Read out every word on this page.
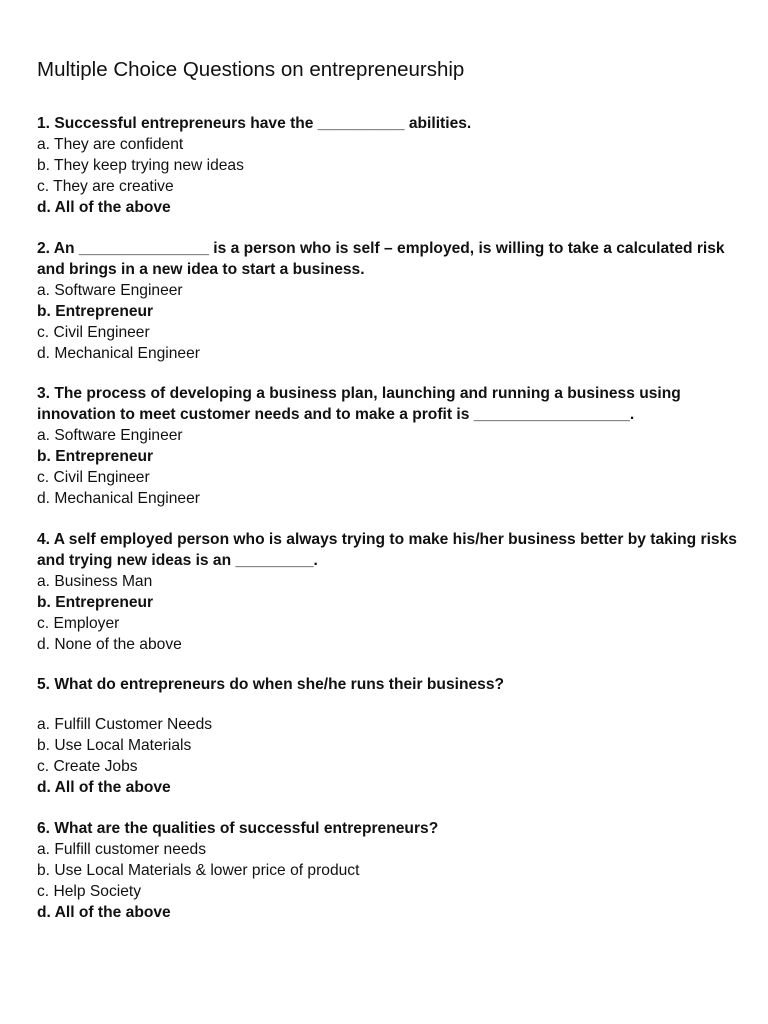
Multiple Choice Questions on entrepreneurship

1. Successful entrepreneurs have the __________ abilities.

a. They are confident

b. They keep trying new ideas

c. They are creative

d. All of the above

2. An _______________ is a person who is self – employed, is willing to take a calculated risk and brings in a new idea to start a business.

a. Software Engineer

b. Entrepreneur

c. Civil Engineer

d. Mechanical Engineer

3. The process of developing a business plan, launching and running a business using innovation to meet customer needs and to make a profit is __________________.

a. Software Engineer

b. Entrepreneur

c. Civil Engineer

d. Mechanical Engineer

4. A self employed person who is always trying to make his/her business better by taking risks and trying new ideas is an _________.

a. Business Man

b. Entrepreneur

c. Employer

d. None of the above

5. What do entrepreneurs do when she/he runs their business?

a. Fulfill Customer Needs

b. Use Local Materials

c. Create Jobs

d. All of the above

6. What are the qualities of successful entrepreneurs?

a. Fulfill customer needs

b. Use Local Materials & lower price of product

c. Help Society

d. All of the above
